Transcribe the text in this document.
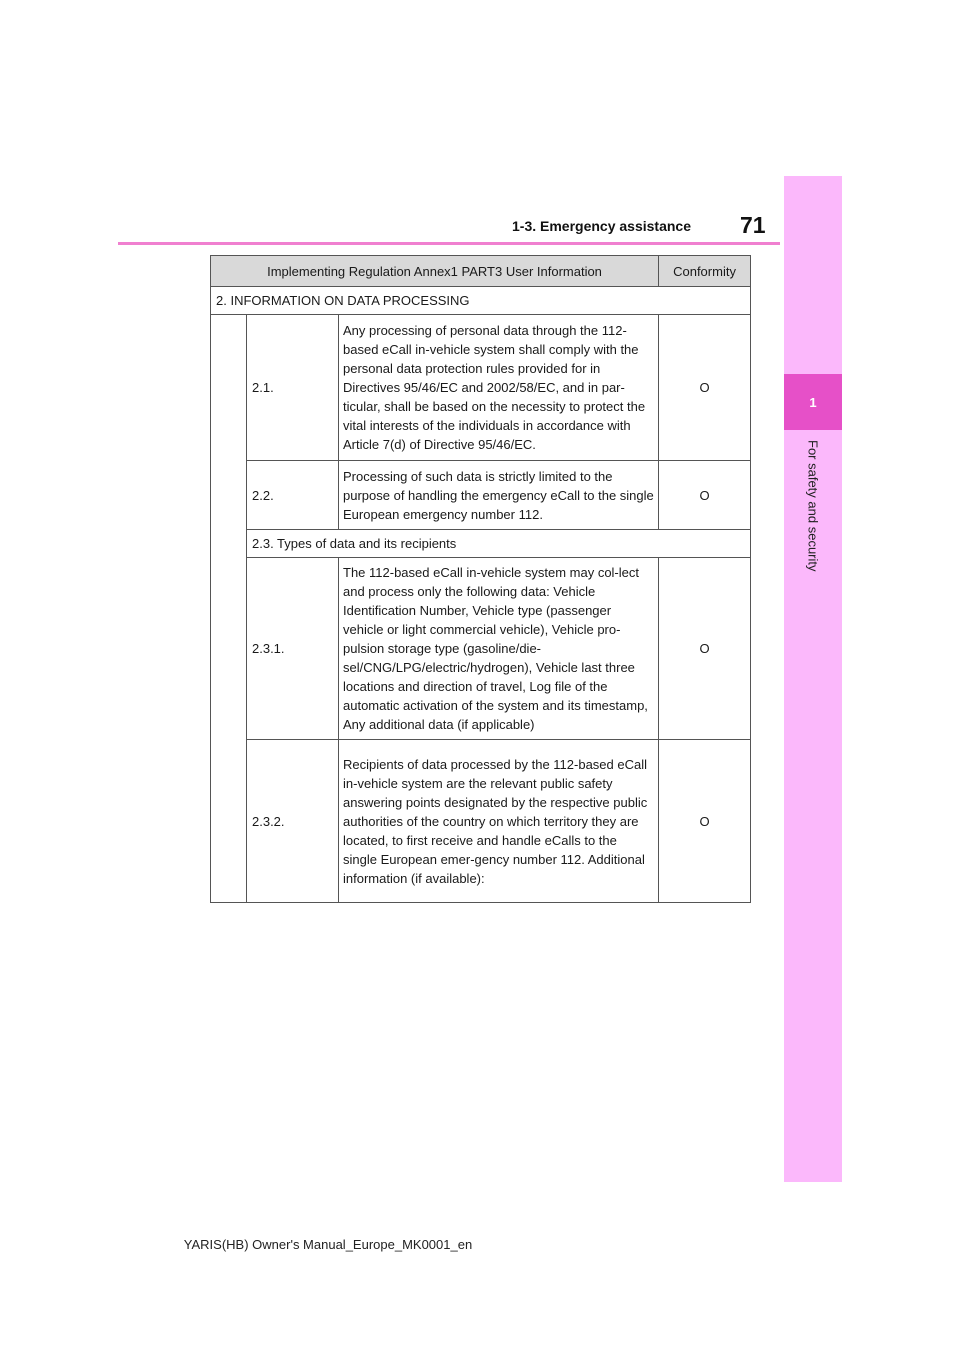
1
For safety and security
1-3. Emergency assistance 71
Implementing Regulation Annex1 PART3 User Information			Conformity
2. INFORMATION ON DATA PROCESSING			
	2.1.	Any processing of personal data through the 112-based eCall in-vehicle system shall comply with the personal data protection rules provided for in Directives 95/46/EC and 2002/58/EC, and in par-ticular, shall be based on the necessity to protect the vital interests of the individuals in accordance with Article 7(d) of Directive 95/46/EC.	O
	2.2.	Processing of such data is strictly limited to the purpose of handling the emergency eCall to the single European emergency number 112.	O
	2.3. Types of data and its recipients		
	2.3.1.	The 112-based eCall in-vehicle system may col-lect and process only the following data: Vehicle Identification Number, Vehicle type (passenger vehicle or light commercial vehicle), Vehicle pro-pulsion storage type (gasoline/die-sel/CNG/LPG/electric/hydrogen), Vehicle last three locations and direction of travel, Log file of the automatic activation of the system and its timestamp, Any additional data (if applicable)	O
	2.3.2.	Recipients of data processed by the 112-based eCall in-vehicle system are the relevant public safety answering points designated by the respective public authorities of the country on which territory they are located, to first receive and handle eCalls to the single European emer-gency number 112. Additional information (if available):	O
YARIS(HB) Owner's Manual_Europe_MK0001_en
